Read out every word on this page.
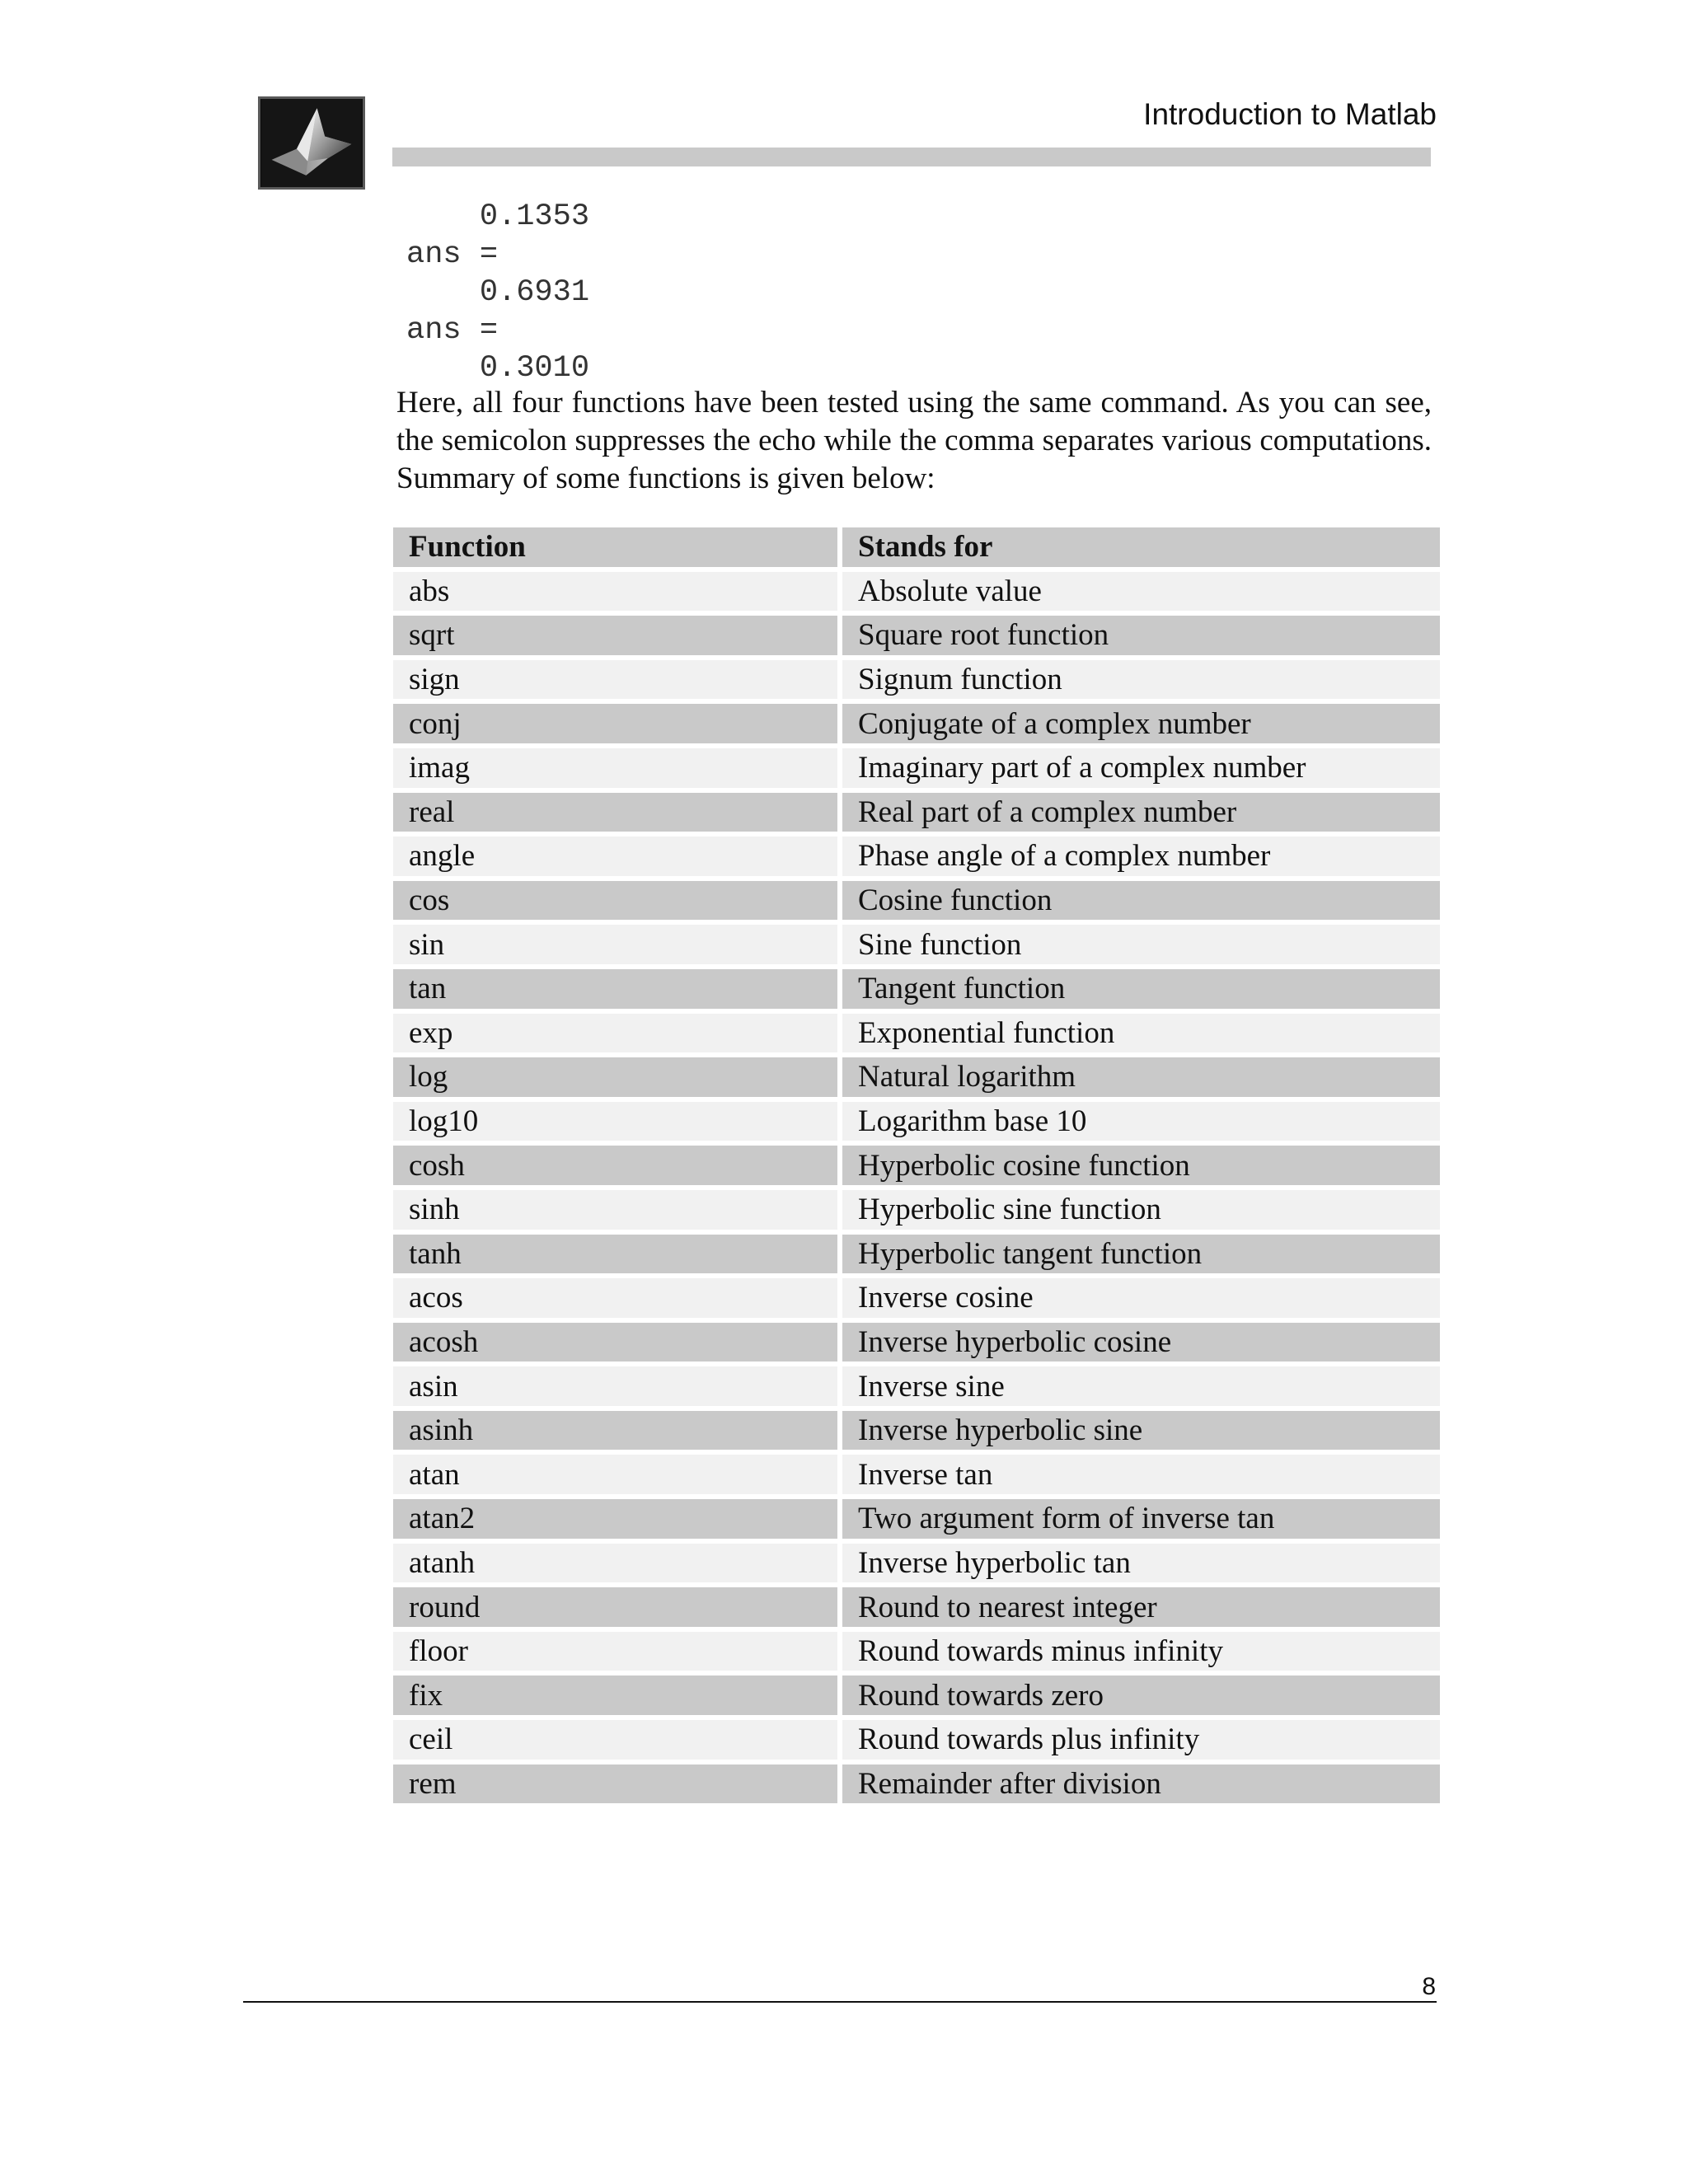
Introduction to Matlab
0.1353
ans =
0.6931
ans =
0.3010

Here, all four functions have been tested using the same command. As you can see, the semicolon suppresses the echo while the comma separates various computations. Summary of some functions is given below:

Function	Stands for
abs	Absolute value
sqrt	Square root function
sign	Signum function
conj	Conjugate of a complex number
imag	Imaginary part of a complex number
real	Real part of a complex number
angle	Phase angle of a complex number
cos	Cosine function
sin	Sine function
tan	Tangent function
exp	Exponential function
log	Natural logarithm
log10	Logarithm base 10
cosh	Hyperbolic cosine function
sinh	Hyperbolic sine function
tanh	Hyperbolic tangent function
acos	Inverse cosine
acosh	Inverse hyperbolic cosine
asin	Inverse sine
asinh	Inverse hyperbolic sine
atan	Inverse tan
atan2	Two argument form of inverse tan
atanh	Inverse hyperbolic tan
round	Round to nearest integer
floor	Round towards minus infinity
fix	Round towards zero
ceil	Round towards plus infinity
rem	Remainder after division
8
